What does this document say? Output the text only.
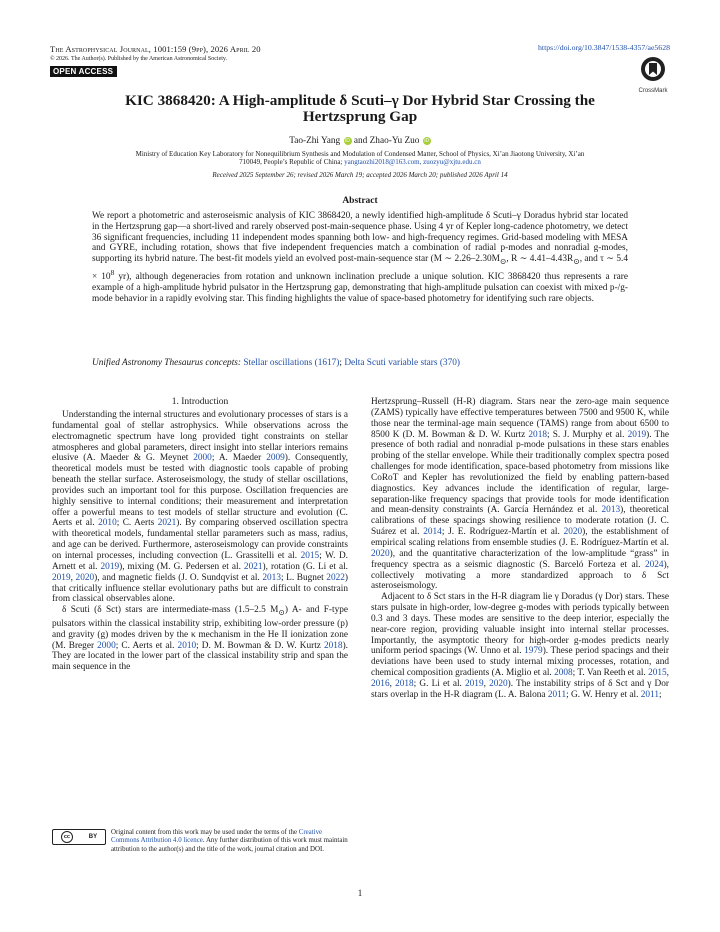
The Astrophysical Journal, 1001:159 (9pp), 2026 April 20
© 2026. The Author(s). Published by the American Astronomical Society.
OPEN ACCESS
https://doi.org/10.3847/1538-4357/ae5628
CrossMark
KIC 3868420: A High-amplitude δ Scuti–γ Dor Hybrid Star Crossing the
Hertzsprung Gap
Tao-Zhi Yang iD and Zhao-Yu Zuo iD
Ministry of Education Key Laboratory for Nonequilibrium Synthesis and Modulation of Condensed Matter, School of Physics, Xi’an Jiaotong University, Xi’an
710049, People’s Republic of China; yangtaozhi2018@163.com, zuozyu@xjtu.edu.cn
Received 2025 September 26; revised 2026 March 19; accepted 2026 March 20; published 2026 April 14
Abstract
We report a photometric and asteroseismic analysis of KIC 3868420, a newly identified high-amplitude δ Scuti–γ Doradus hybrid star located in the Hertzsprung gap—a short-lived and rarely observed post-main-sequence phase. Using 4 yr of Kepler long-cadence photometry, we detect 36 significant frequencies, including 11 independent modes spanning both low- and high-frequency regimes. Grid-based modeling with MESA and GYRE, including rotation, shows that five independent frequencies match a combination of radial p-modes and nonradial g-modes, supporting its hybrid nature. The best-fit models yield an evolved post-main-sequence star (M ∼ $2.26-2.30M_⊙$, R ∼ $4.41-4.43R_⊙$, and τ ∼ $5.4 \times 10^8$ yr), although degeneracies from rotation and unknown inclination preclude a unique solution. KIC 3868420 thus represents a rare example of a high-amplitude hybrid pulsator in the Hertzsprung gap, demonstrating that high-amplitude pulsation can coexist with mixed p-/g-mode behavior in a rapidly evolving star. This finding highlights the value of space-based photometry for identifying such rare objects.
Unified Astronomy Thesaurus concepts: Stellar oscillations (1617); Delta Scuti variable stars (370)
1. Introduction

Understanding the internal structures and evolutionary processes of stars is a fundamental goal of stellar astrophysics. While observations across the electromagnetic spectrum have long provided tight constraints on stellar atmospheres and global parameters, direct insight into stellar interiors remains elusive (A. Maeder & G. Meynet 2000; A. Maeder 2009). Consequently, theoretical models must be tested with diagnostic tools capable of probing beneath the stellar surface. Asteroseismology, the study of stellar oscillations, provides such an important tool for this purpose. Oscillation frequencies are highly sensitive to internal conditions; their measurement and interpretation offer a powerful means to test models of stellar structure and evolution (C. Aerts et al. 2010; C. Aerts 2021). By comparing observed oscillation spectra with theoretical models, fundamental stellar parameters such as mass, radius, and age can be derived. Furthermore, asteroseismology can provide constraints on internal processes, including convection (L. Grassitelli et al. 2015; W. D. Arnett et al. 2019), mixing (M. G. Pedersen et al. 2021), rotation (G. Li et al. 2019, 2020), and magnetic fields (J. O. Sundqvist et al. 2013; L. Bugnet 2022) that critically influence stellar evolutionary paths but are difficult to constrain from classical observables alone.

δ Scuti (δ Sct) stars are intermediate-mass (1.5–2.5 $M_⊙$) A- and F-type pulsators within the classical instability strip, exhibiting low-order pressure (p) and gravity (g) modes driven by the κ mechanism in the He II ionization zone (M. Breger 2000; C. Aerts et al. 2010; D. M. Bowman & D. W. Kurtz 2018). They are located in the lower part of the classical instability strip and span the main sequence in the

cc	BY
Original content from this work may be used under the terms of the Creative Commons Attribution 4.0 licence. Any further distribution of this work must maintain attribution to the author(s) and the title of the work, journal citation and DOI.

Hertzsprung–Russell (H-R) diagram. Stars near the zero-age main sequence (ZAMS) typically have effective temperatures between 7500 and 9500 K, while those near the terminal-age main sequence (TAMS) range from about 6500 to 8500 K (D. M. Bowman & D. W. Kurtz 2018; S. J. Murphy et al. 2019). The presence of both radial and nonradial p-mode pulsations in these stars enables probing of the stellar envelope. While their traditionally complex spectra posed challenges for mode identification, space-based photometry from missions like CoRoT and Kepler has revolutionized the field by enabling pattern-based diagnostics. Key advances include the identification of regular, large-separation-like frequency spacings that provide tools for mode identification and mean-density constraints (A. García Hernández et al. 2013), theoretical calibrations of these spacings showing resilience to moderate rotation (J. C. Suárez et al. 2014; J. E. Rodríguez-Martín et al. 2020), the establishment of empirical scaling relations from ensemble studies (J. E. Rodríguez-Martín et al. 2020), and the quantitative characterization of the low-amplitude “grass” in frequency spectra as a seismic diagnostic (S. Barceló Forteza et al. 2024), collectively motivating a more standardized approach to δ Sct asteroseismology.

Adjacent to δ Sct stars in the H-R diagram lie γ Doradus (γ Dor) stars. These stars pulsate in high-order, low-degree g-modes with periods typically between 0.3 and 3 days. These modes are sensitive to the deep interior, especially the near-core region, providing valuable insight into internal stellar processes. Importantly, the asymptotic theory for high-order g-modes predicts nearly uniform period spacings (W. Unno et al. 1979). These period spacings and their deviations have been used to study internal mixing processes, rotation, and chemical composition gradients (A. Miglio et al. 2008; T. Van Reeth et al. 2015, 2016, 2018; G. Li et al. 2019, 2020). The instability strips of δ Sct and γ Dor stars overlap in the H-R diagram (L. A. Balona 2011; G. W. Henry et al. 2011;

1
